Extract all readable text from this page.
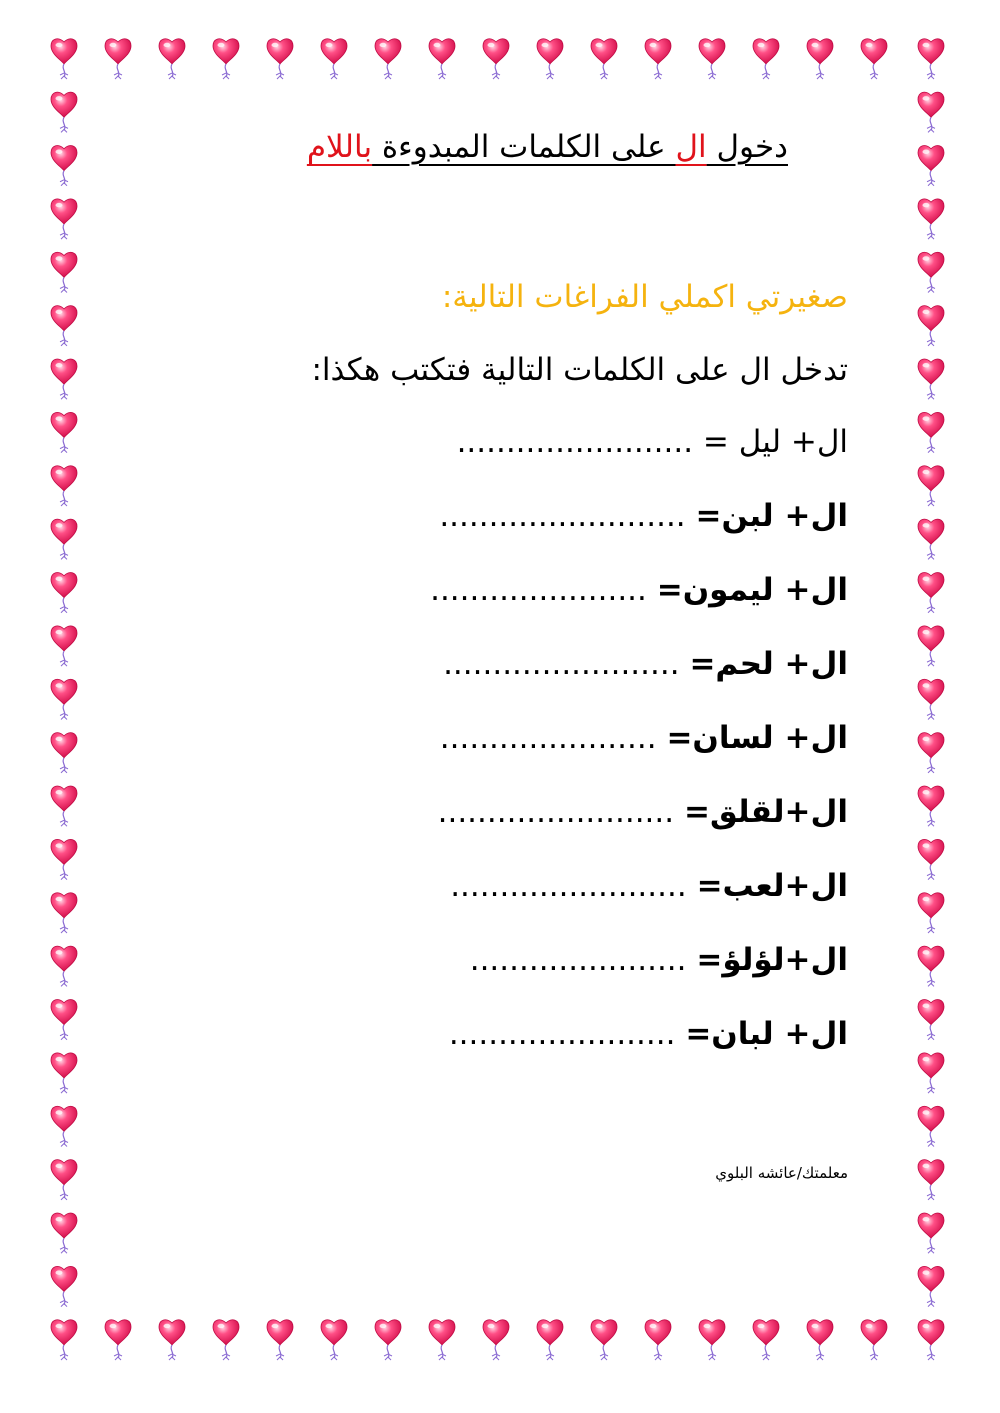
دخول ال على الكلمات المبدوءة باللام
صغيرتي اكملي الفراغات التالية:
تدخل ال على الكلمات التالية فتكتب هكذا:
ال+ ليل = ........................
ال+ لبن= .........................
ال+ ليمون= ......................
ال+ لحم= ........................
ال+ لسان= ......................
ال+لقلق= ........................
ال+لعب= ........................
ال+لؤلؤ= ......................
ال+ لبان= .......................
معلمتك/عائشه البلوي
